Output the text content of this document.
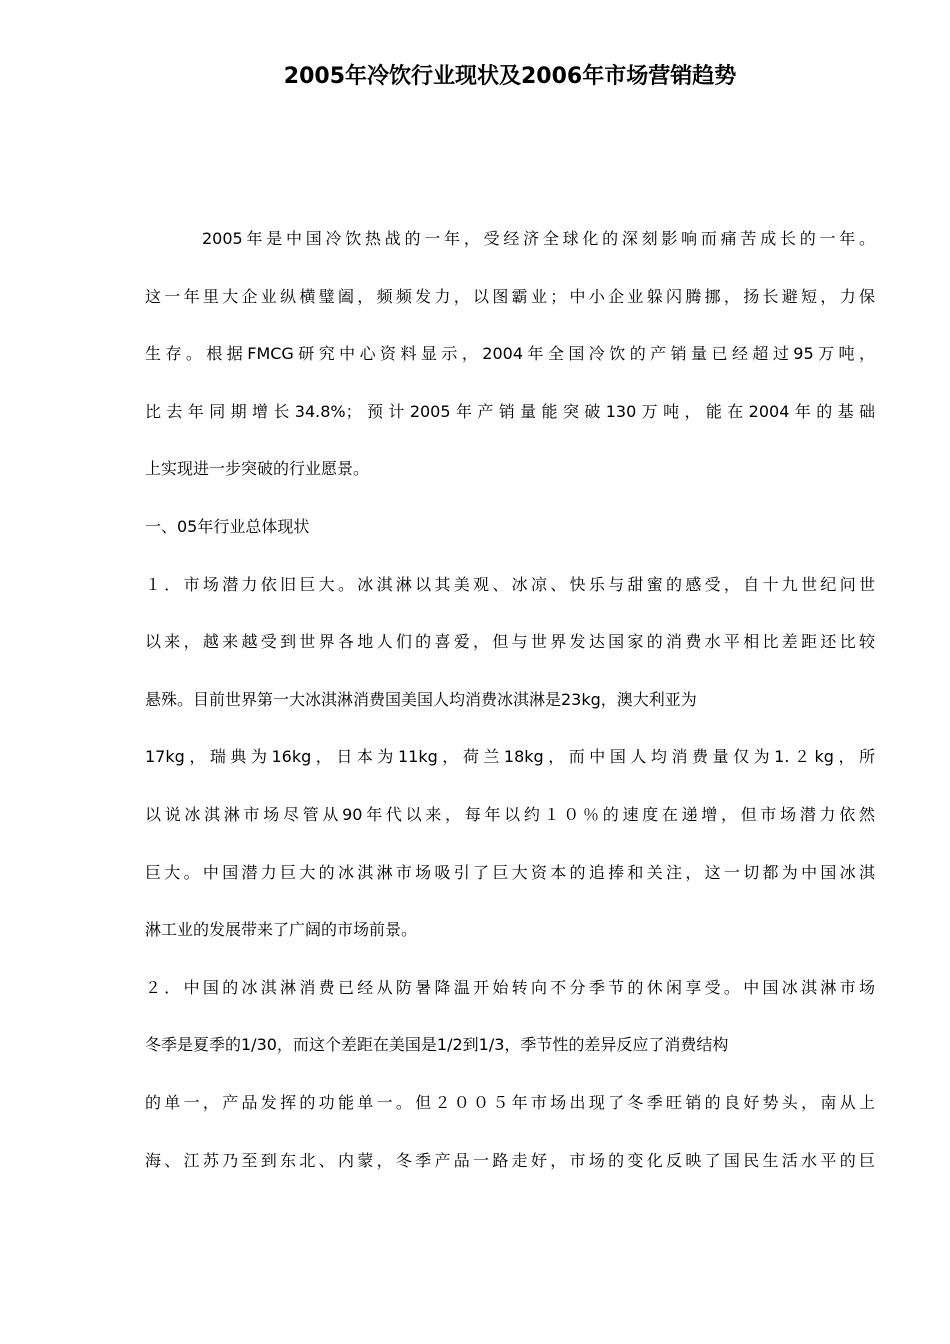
2005年冷饮行业现状及2006年市场营销趋势
2005年是中国冷饮热战的一年，受经济全球化的深刻影响而痛苦成长的一年。
这一年里大企业纵横璧阖，频频发力，以图霸业；中小企业躲闪腾挪，扬长避短，力保
生存。根据FMCG研究中心资料显示，2004年全国冷饮的产销量已经超过95万吨，
比去年同期增长34.8%；预计2005年产销量能突破130万吨，能在2004年的基础
上实现进一步突破的行业愿景。
一、05年行业总体现状
１．市场潜力依旧巨大。冰淇淋以其美观、冰凉、快乐与甜蜜的感受，自十九世纪问世
以来，越来越受到世界各地人们的喜爱，但与世界发达国家的消费水平相比差距还比较
悬殊。目前世界第一大冰淇淋消费国美国人均消费冰淇淋是23kg，澳大利亚为
17kg，瑞典为16kg，日本为11kg，荷兰18kg，而中国人均消费量仅为1.２kg，所
以说冰淇淋市场尽管从90年代以来，每年以约１０％的速度在递增，但市场潜力依然
巨大。中国潜力巨大的冰淇淋市场吸引了巨大资本的追捧和关注，这一切都为中国冰淇
淋工业的发展带来了广阔的市场前景。
２．中国的冰淇淋消费已经从防暑降温开始转向不分季节的休闲享受。中国冰淇淋市场
冬季是夏季的1/30，而这个差距在美国是1/2到1/3，季节性的差异反应了消费结构
的单一，产品发挥的功能单一。但２００５年市场出现了冬季旺销的良好势头，南从上
海、江苏乃至到东北、内蒙，冬季产品一路走好，市场的变化反映了国民生活水平的巨
